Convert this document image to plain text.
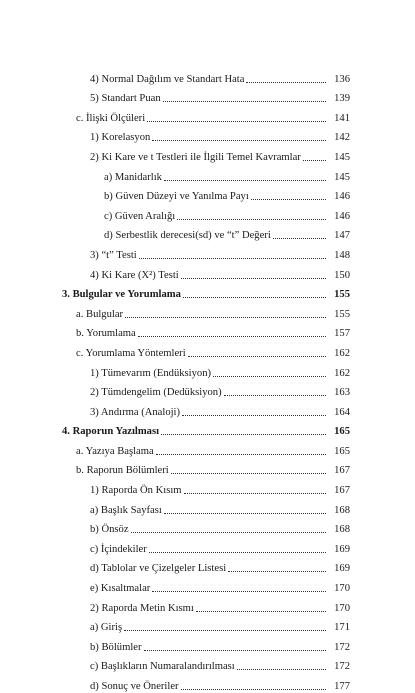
4) Normal Dağılım ve Standart Hata	136
5) Standart Puan	139
c. İlişki Ölçüleri	141
1) Korelasyon	142
2) Ki Kare ve t Testleri ile İlgili Temel Kavramlar	145
a) Manidarlık	145
b) Güven Düzeyi ve Yanılma Payı	146
c) Güven Aralığı	146
d) Serbestlik derecesi(sd) ve “t” Değeri	147
3) “t” Testi	148
4) Ki Kare (X²) Testi	150
3. Bulgular ve Yorumlama	155
a. Bulgular	155
b. Yorumlama	157
c. Yorumlama Yöntemleri	162
1) Tümevarım (Endüksiyon)	162
2) Tümdengelim (Dedüksiyon)	163
3) Andırma (Analoji)	164
4. Raporun Yazılması	165
a. Yazıya Başlama	165
b. Raporun Bölümleri	167
1) Raporda Ön Kısım	167
a) Başlık Sayfası	168
b) Önsöz	168
c) İçindekiler	169
d) Tablolar ve Çizelgeler Listesi	169
e) Kısaltmalar	170
2) Raporda Metin Kısmı	170
a) Giriş	171
b) Bölümler	172
c) Başlıkların Numaralandırılması	172
d) Sonuç ve Öneriler	177
